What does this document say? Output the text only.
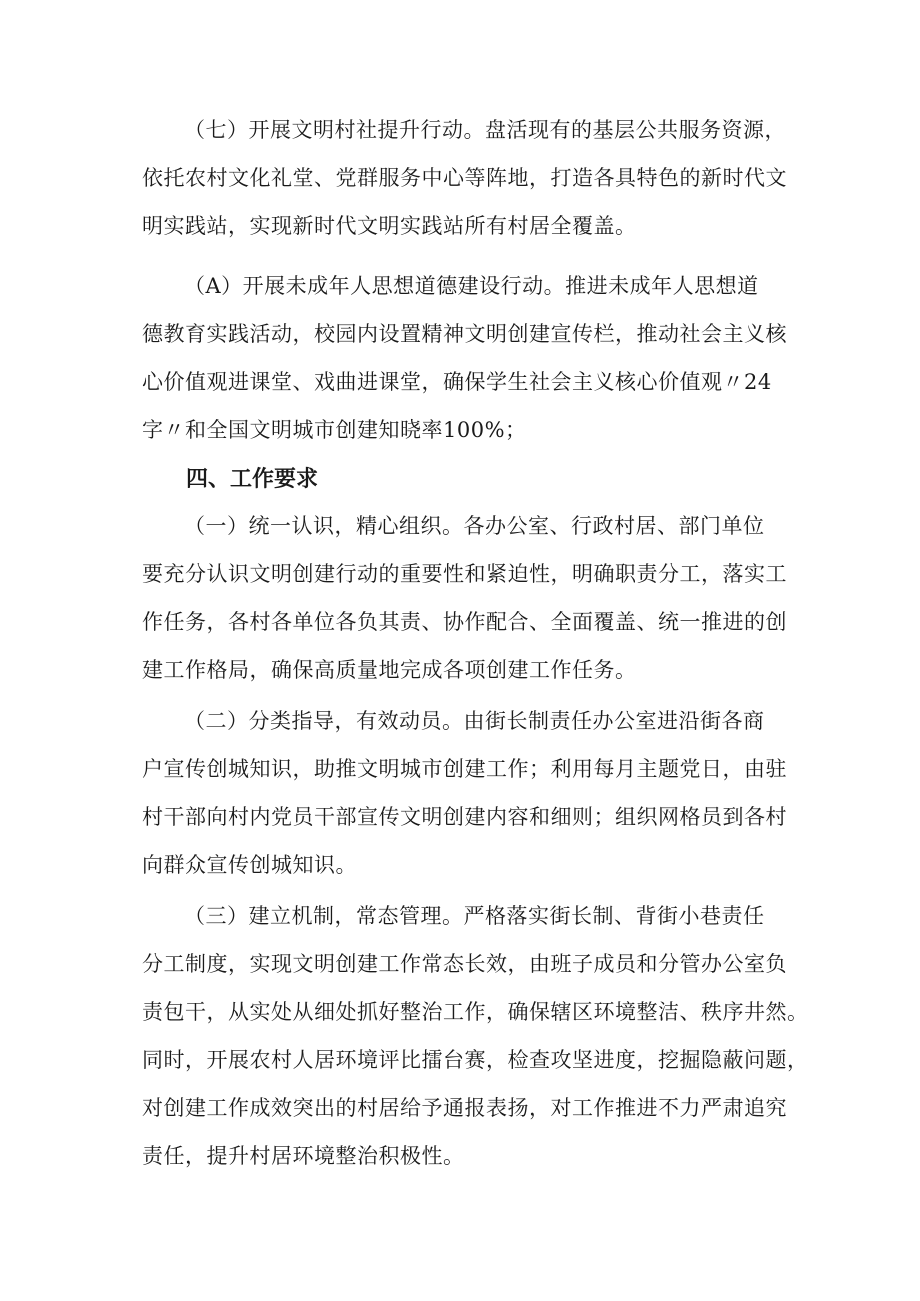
（七）开展文明村社提升行动。盘活现有的基层公共服务资源，
依托农村文化礼堂、党群服务中心等阵地，打造各具特色的新时代文
明实践站，实现新时代文明实践站所有村居全覆盖。

（A）开展未成年人思想道德建设行动。推进未成年人思想道
德教育实践活动，校园内设置精神文明创建宣传栏，推动社会主义核
心价值观进课堂、戏曲进课堂，确保学生社会主义核心价值观〃24
字〃和全国文明城市创建知晓率100%；

四、工作要求

（一）统一认识，精心组织。各办公室、行政村居、部门单位
要充分认识文明创建行动的重要性和紧迫性，明确职责分工，落实工
作任务，各村各单位各负其责、协作配合、全面覆盖、统一推进的创
建工作格局，确保高质量地完成各项创建工作任务。

（二）分类指导，有效动员。由街长制责任办公室进沿街各商
户宣传创城知识，助推文明城市创建工作；利用每月主题党日，由驻
村干部向村内党员干部宣传文明创建内容和细则；组织网格员到各村
向群众宣传创城知识。

（三）建立机制，常态管理。严格落实街长制、背街小巷责任
分工制度，实现文明创建工作常态长效，由班子成员和分管办公室负
责包干，从实处从细处抓好整治工作，确保辖区环境整洁、秩序井然。
同时，开展农村人居环境评比擂台赛，检查攻坚进度，挖掘隐蔽问题，
对创建工作成效突出的村居给予通报表扬，对工作推进不力严肃追究
责任，提升村居环境整治积极性。
